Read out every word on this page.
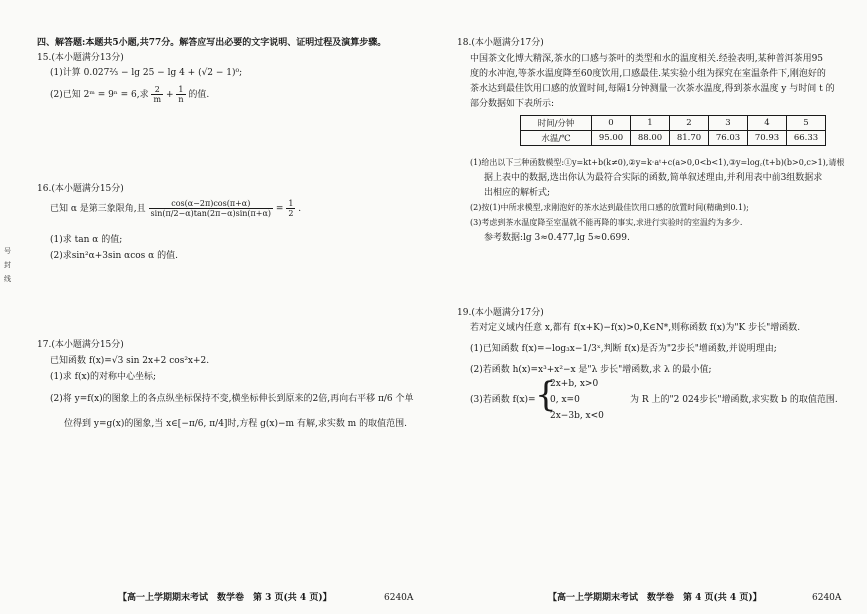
号
封
线
四、解答题:本题共5小题,共77分。解答应写出必要的文字说明、证明过程及演算步骤。
15.(本小题满分13分)
(1)计算 0.027⅔ − lg 25 − lg 4 + (√2 − 1)⁰;
(2)已知 2ᵐ = 9ⁿ = 6,求 $\frac{2}{m} + \frac{1}{n}$ 的值.
16.(本小题满分15分)
已知 α 是第三象限角,且 $\frac{\cos(\alpha-2\pi)\cos(\pi+\alpha)}{\sin(\pi/2-\alpha)\tan(2\pi-\alpha)\sin(\pi+\alpha)} = \frac{1}{2}$ .
(1)求 tan α 的值;
(2)求sin²α+3sin αcos α 的值.
17.(本小题满分15分)
已知函数 f(x)=√3 sin 2x+2 cos²x+2.
(1)求 f(x)的对称中心坐标;
(2)将 y=f(x)的图象上的各点纵坐标保持不变,横坐标伸长到原来的2倍,再向右平移 π/6 个单
位得到 y=g(x)的图象,当 x∈[−π/6, π/4]时,方程 g(x)−m 有解,求实数 m 的取值范围.
【高一上学期期末考试　数学卷　第 3 页(共 4 页)】	6240A
18.(本小题满分17分)
中国茶文化博大精深,茶水的口感与茶叶的类型和水的温度相关.经验表明,某种普洱茶用95
度的水冲泡,等茶水温度降至60度饮用,口感最佳.某实验小组为探究在室温条件下,刚泡好的
茶水达到最佳饮用口感的放置时间,每隔1分钟测量一次茶水温度,得到茶水温度 y 与时间 t 的
部分数据如下表所示:
时间/分钟	0	1	2	3	4	5
水温/℃	95.00	88.00	81.70	76.03	70.93	66.33
(1)给出以下三种函数模型:①y=kt+b(k≠0),②y=k·aᵗ+c(a>0,0<b<1),③y=log꜀(t+b)(b>0,c>1),请根
据上表中的数据,选出你认为最符合实际的函数,简单叙述理由,并利用表中前3组数据求
出相应的解析式;
(2)按(1)中所求模型,求刚泡好的茶水达到最佳饮用口感的放置时间(精确到0.1);
(3)考虑到茶水温度降至室温就不能再降的事实,求进行实验时的室温约为多少.
参考数据:lg 3≈0.477,lg 5≈0.699.
19.(本小题满分17分)
若对定义域内任意 x,都有 f(x+K)−f(x)>0,K∈N*,则称函数 f(x)为"K 步长"增函数.
(1)已知函数 f(x)=−log₃x−1/3ˣ,判断 f(x)是否为"2步长"增函数,并说明理由;
(2)若函数 h(x)=x³+x²−x 是"λ 步长"增函数,求 λ 的最小值;
(3)若函数 f(x)= {
2x+b, x>0
0, x=0
2x−3b, x<0
为 R 上的"2 024步长"增函数,求实数 b 的取值范围.
【高一上学期期末考试　数学卷　第 4 页(共 4 页)】	6240A
